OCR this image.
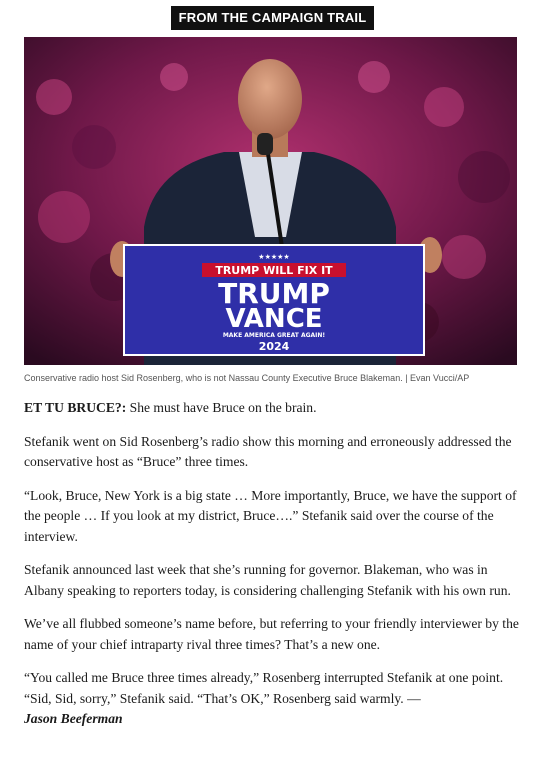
FROM THE CAMPAIGN TRAIL
★★★★★
TRUMP WILL FIX IT
TRUMP
VANCE
MAKE AMERICA GREAT AGAIN!
2024
Conservative radio host Sid Rosenberg, who is not Nassau County Executive Bruce Blakeman. | Evan Vucci/AP

ET TU BRUCE?: She must have Bruce on the brain.

Stefanik went on Sid Rosenberg’s radio show this morning and erroneously addressed the conservative host as “Bruce” three times.

“Look, Bruce, New York is a big state … More importantly, Bruce, we have the support of the people … If you look at my district, Bruce….” Stefanik said over the course of the interview.

Stefanik announced last week that she’s running for governor. Blakeman, who was in Albany speaking to reporters today, is considering challenging Stefanik with his own run.

We’ve all flubbed someone’s name before, but referring to your friendly interviewer by the name of your chief intraparty rival three times? That’s a new one.

“You called me Bruce three times already,” Rosenberg interrupted Stefanik at one point. “Sid, Sid, sorry,” Stefanik said. “That’s OK,” Rosenberg said warmly. —
Jason Beeferman
